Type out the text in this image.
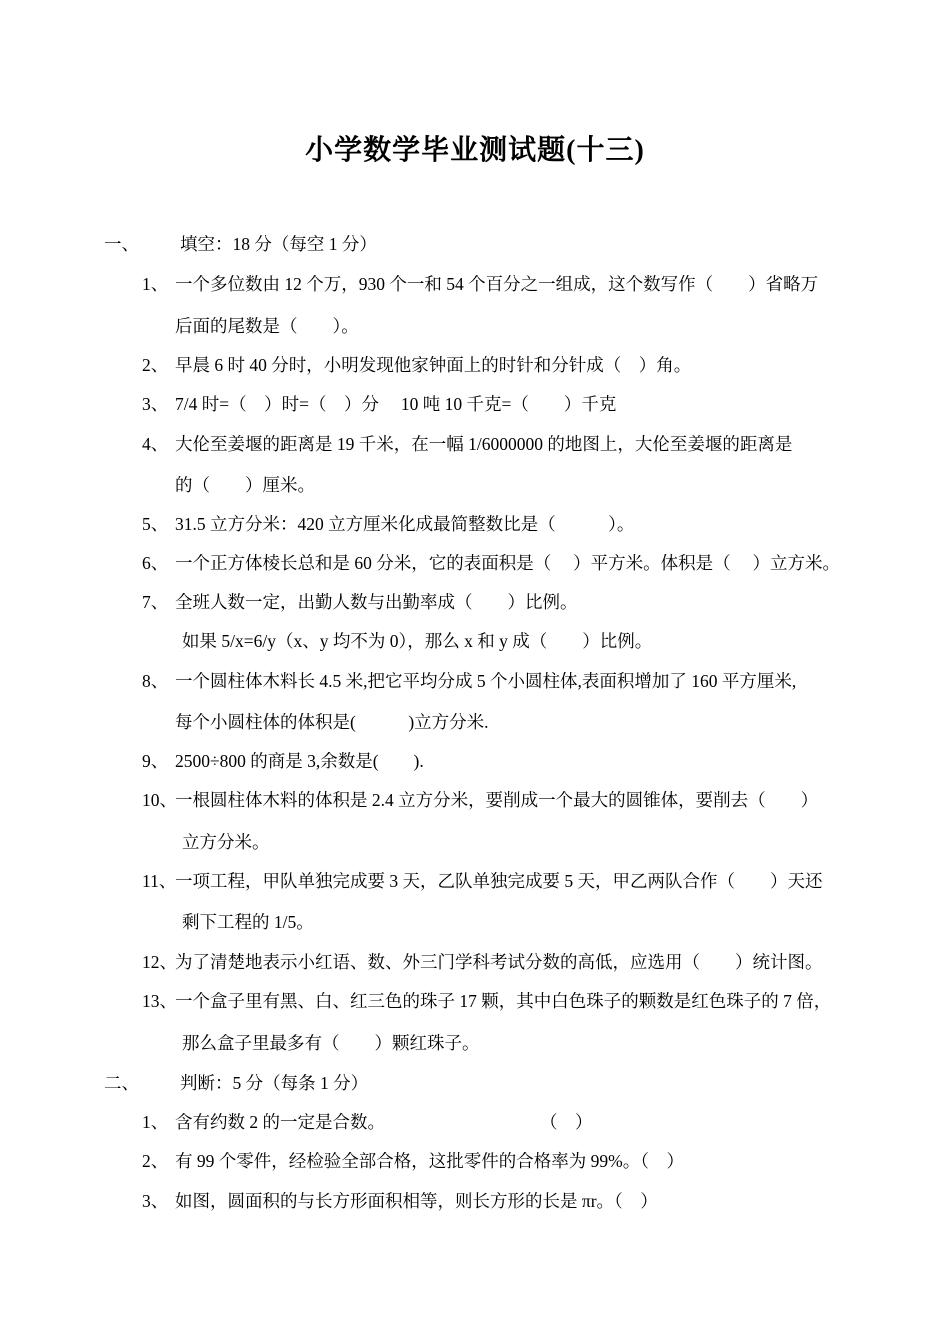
小学数学毕业测试题(十三)
一、 填空：18 分（每空 1 分）
1、 一个多位数由 12 个万，930 个一和 54 个百分之一组成，这个数写作（　　）省略万
后面的尾数是（　　）。
2、 早晨 6 时 40 分时，小明发现他家钟面上的时针和分针成（　）角。
3、 7/4 时=（　）时=（　）分　 10 吨 10 千克=（　　）千克
4、 大伦至姜堰的距离是 19 千米，在一幅 1/6000000 的地图上，大伦至姜堰的距离是
的（　　）厘米。
5、 31.5 立方分米：420 立方厘米化成最简整数比是（　　　）。
6、 一个正方体棱长总和是 60 分米，它的表面积是（　 ）平方米。体积是（　 ）立方米。
7、 全班人数一定，出勤人数与出勤率成（　　）比例。
如果 5/x=6/y（x、y 均不为 0），那么 x 和 y 成（　　）比例。
8、 一个圆柱体木料长 4.5 米,把它平均分成 5 个小圆柱体,表面积增加了 160 平方厘米,
每个小圆柱体的体积是(　　　)立方分米.
9、 2500÷800 的商是 3,余数是(　　).
10、
一根圆柱体木料的体积是 2.4 立方分米，要削成一个最大的圆锥体，要削去（　　）
立方分米。
11、
一项工程，甲队单独完成要 3 天，乙队单独完成要 5 天，甲乙两队合作（　　）天还
剩下工程的 1/5。
12、
为了清楚地表示小红语、数、外三门学科考试分数的高低，应选用（　　）统计图。
13、
一个盒子里有黑、白、红三色的珠子 17 颗，其中白色珠子的颗数是红色珠子的 7 倍，
那么盒子里最多有（　　）颗红珠子。
二、 判断：5 分（每条 1 分）
1、 含有约数 2 的一定是合数。	（　）
2、 有 99 个零件，经检验全部合格，这批零件的合格率为 99%。（　）
3、 如图，圆面积的与长方形面积相等，则长方形的长是 πr。（　）
